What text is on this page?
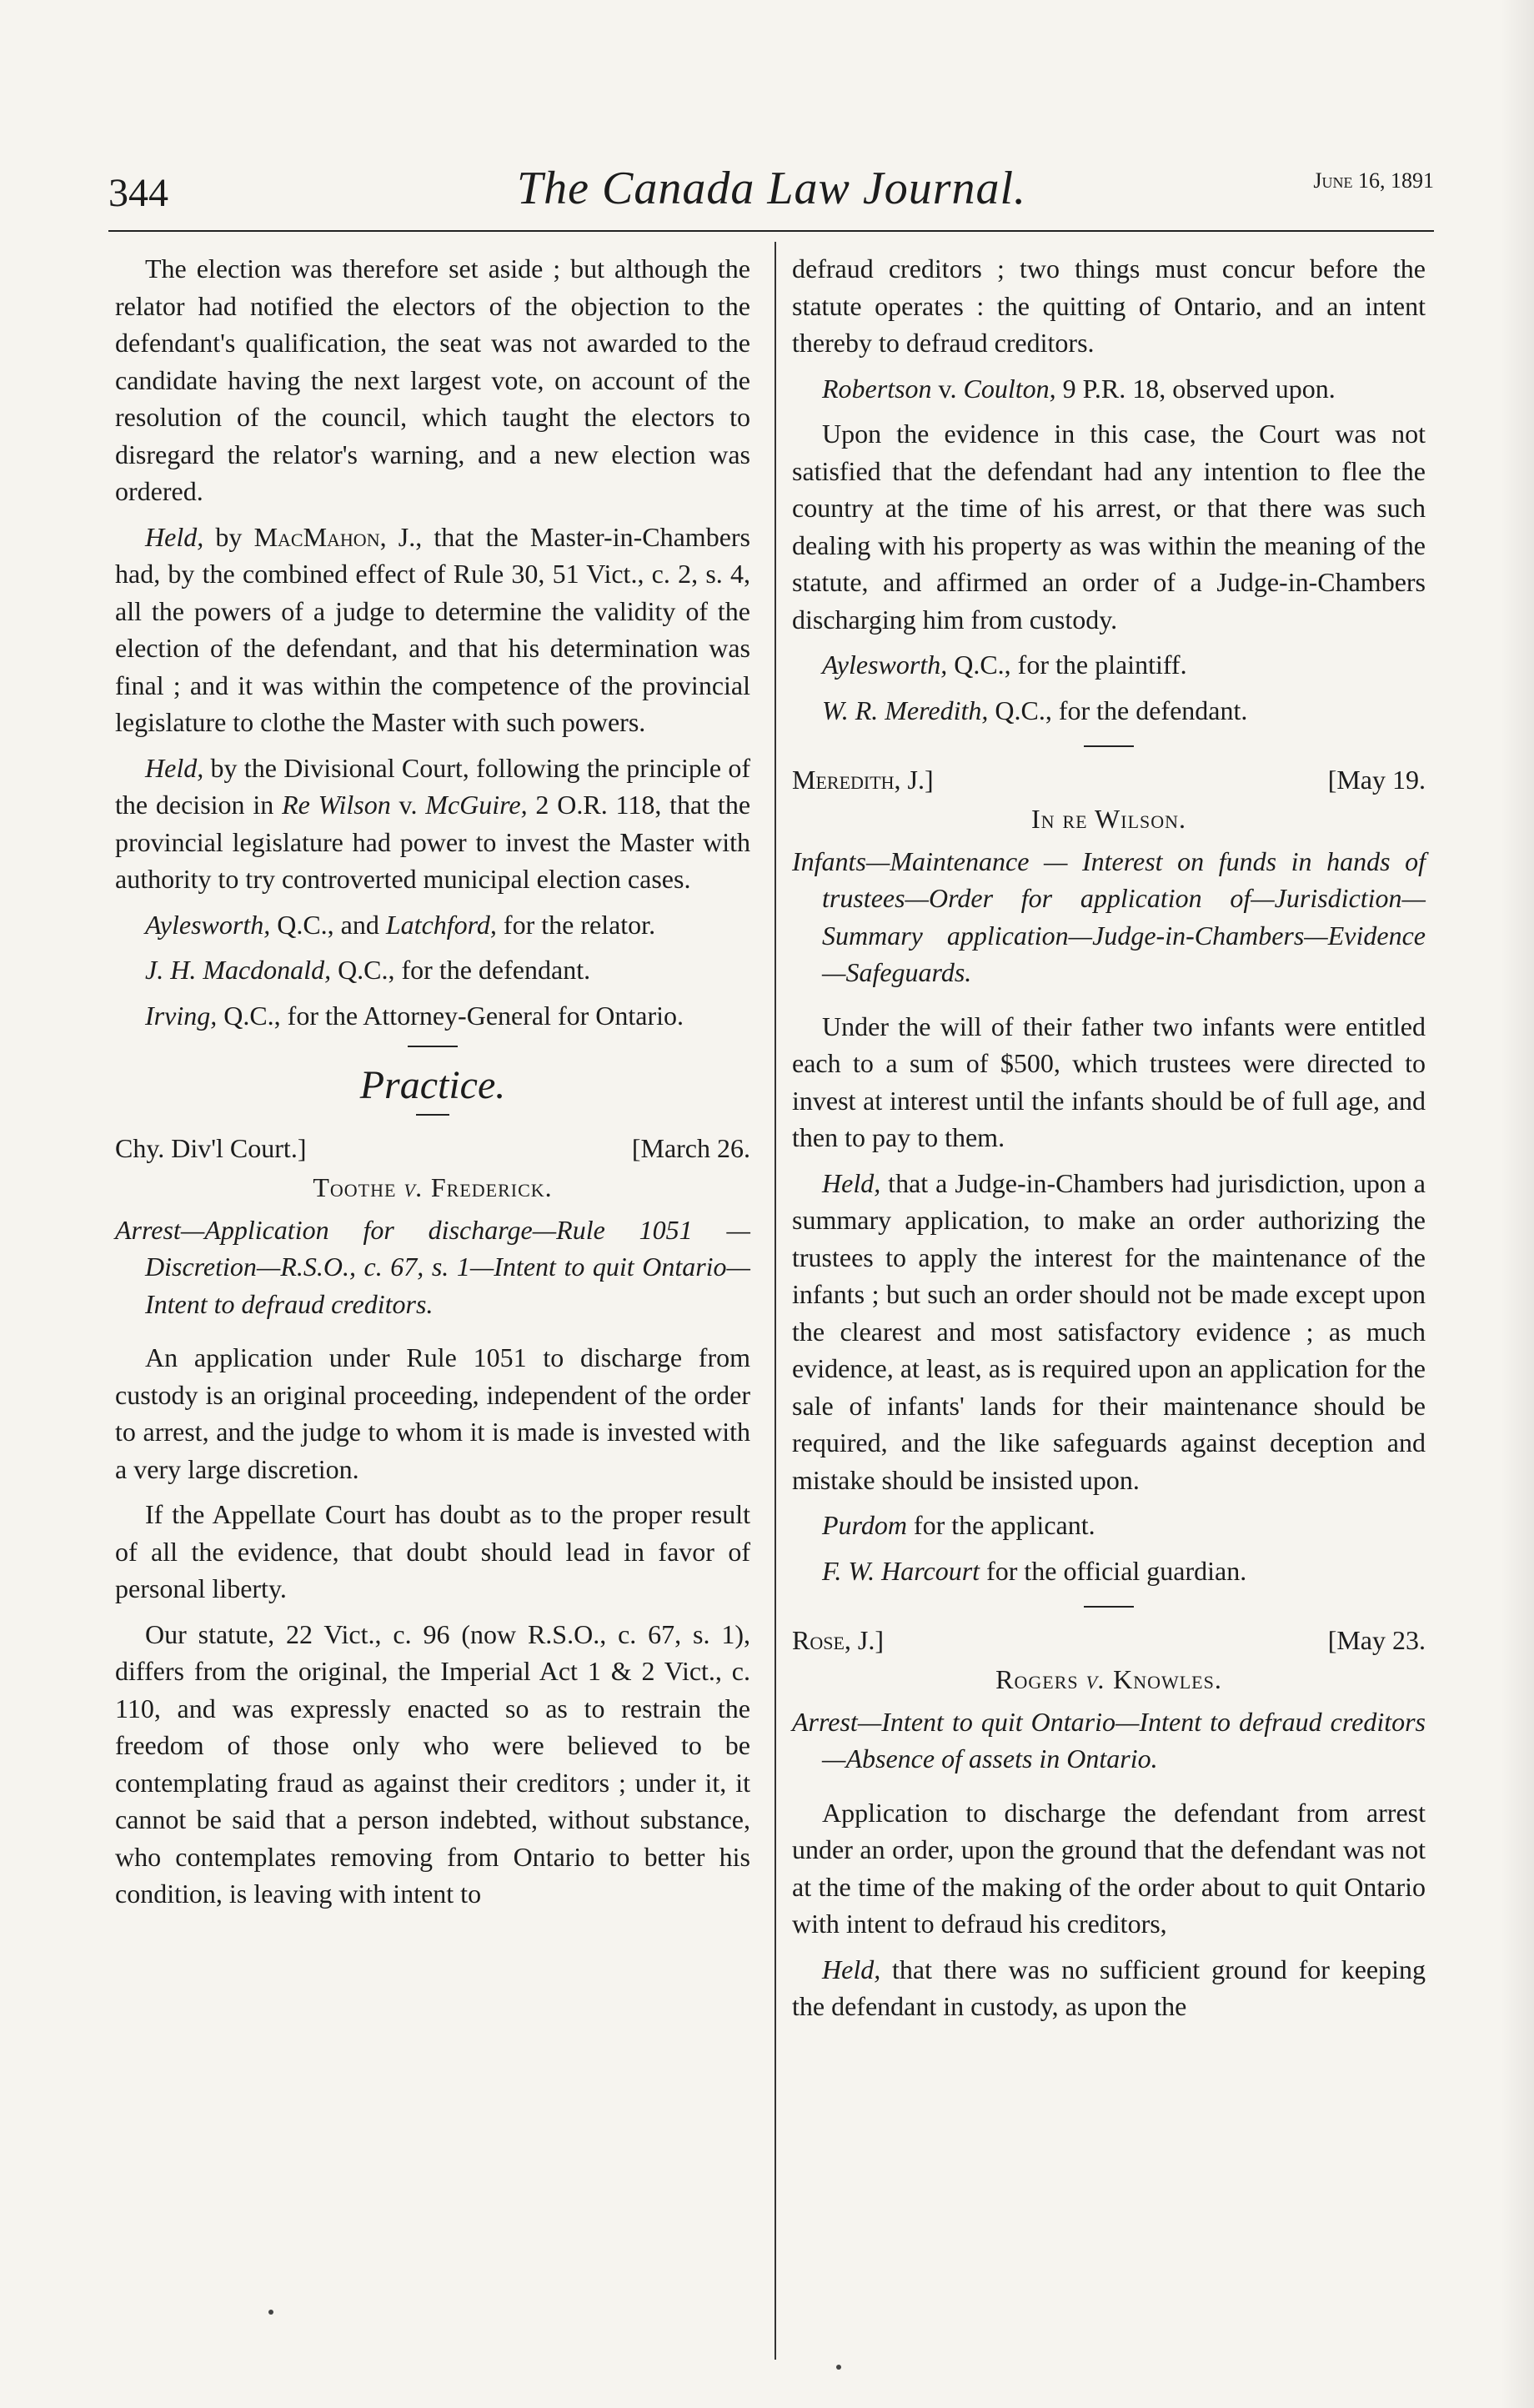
344	The Canada Law Journal.	June 16, 1891

The election was therefore set aside ; but although the relator had notified the electors of the objection to the defendant's qualification, the seat was not awarded to the candidate having the next largest vote, on account of the resolution of the council, which taught the electors to disregard the relator's warning, and a new election was ordered.

Held, by MacMahon, J., that the Master-in-Chambers had, by the combined effect of Rule 30, 51 Vict., c. 2, s. 4, all the powers of a judge to determine the validity of the election of the defendant, and that his determination was final ; and it was within the competence of the provincial legislature to clothe the Master with such powers.

Held, by the Divisional Court, following the principle of the decision in Re Wilson v. McGuire, 2 O.R. 118, that the provincial legislature had power to invest the Master with authority to try controverted municipal election cases.

Aylesworth, Q.C., and Latchford, for the relator.

J. H. Macdonald, Q.C., for the defendant.

Irving, Q.C., for the Attorney-General for Ontario.

Practice.
Chy. Div'l Court.]	[March 26.
Toothe v. Frederick.
Arrest—Application for discharge—Rule 1051 — Discretion—R.S.O., c. 67, s. 1—Intent to quit Ontario—Intent to defraud creditors.

An application under Rule 1051 to discharge from custody is an original proceeding, independent of the order to arrest, and the judge to whom it is made is invested with a very large discretion.

If the Appellate Court has doubt as to the proper result of all the evidence, that doubt should lead in favor of personal liberty.

Our statute, 22 Vict., c. 96 (now R.S.O., c. 67, s. 1), differs from the original, the Imperial Act 1 & 2 Vict., c. 110, and was expressly enacted so as to restrain the freedom of those only who were believed to be contemplating fraud as against their creditors ; under it, it cannot be said that a person indebted, without substance, who contemplates removing from Ontario to better his condition, is leaving with intent to

defraud creditors ; two things must concur before the statute operates : the quitting of Ontario, and an intent thereby to defraud creditors.

Robertson v. Coulton, 9 P.R. 18, observed upon.

Upon the evidence in this case, the Court was not satisfied that the defendant had any intention to flee the country at the time of his arrest, or that there was such dealing with his property as was within the meaning of the statute, and affirmed an order of a Judge-in-Chambers discharging him from custody.

Aylesworth, Q.C., for the plaintiff.

W. R. Meredith, Q.C., for the defendant.

Meredith, J.]	[May 19.
In re Wilson.
Infants—Maintenance — Interest on funds in hands of trustees—Order for application of—Jurisdiction—Summary application—Judge-in-Chambers—Evidence—Safeguards.

Under the will of their father two infants were entitled each to a sum of $500, which trustees were directed to invest at interest until the infants should be of full age, and then to pay to them.

Held, that a Judge-in-Chambers had jurisdiction, upon a summary application, to make an order authorizing the trustees to apply the interest for the maintenance of the infants ; but such an order should not be made except upon the clearest and most satisfactory evidence ; as much evidence, at least, as is required upon an application for the sale of infants' lands for their maintenance should be required, and the like safeguards against deception and mistake should be insisted upon.

Purdom for the applicant.

F. W. Harcourt for the official guardian.

Rose, J.]	[May 23.
Rogers v. Knowles.
Arrest—Intent to quit Ontario—Intent to defraud creditors—Absence of assets in Ontario.

Application to discharge the defendant from arrest under an order, upon the ground that the defendant was not at the time of the making of the order about to quit Ontario with intent to defraud his creditors,

Held, that there was no sufficient ground for keeping the defendant in custody, as upon the
